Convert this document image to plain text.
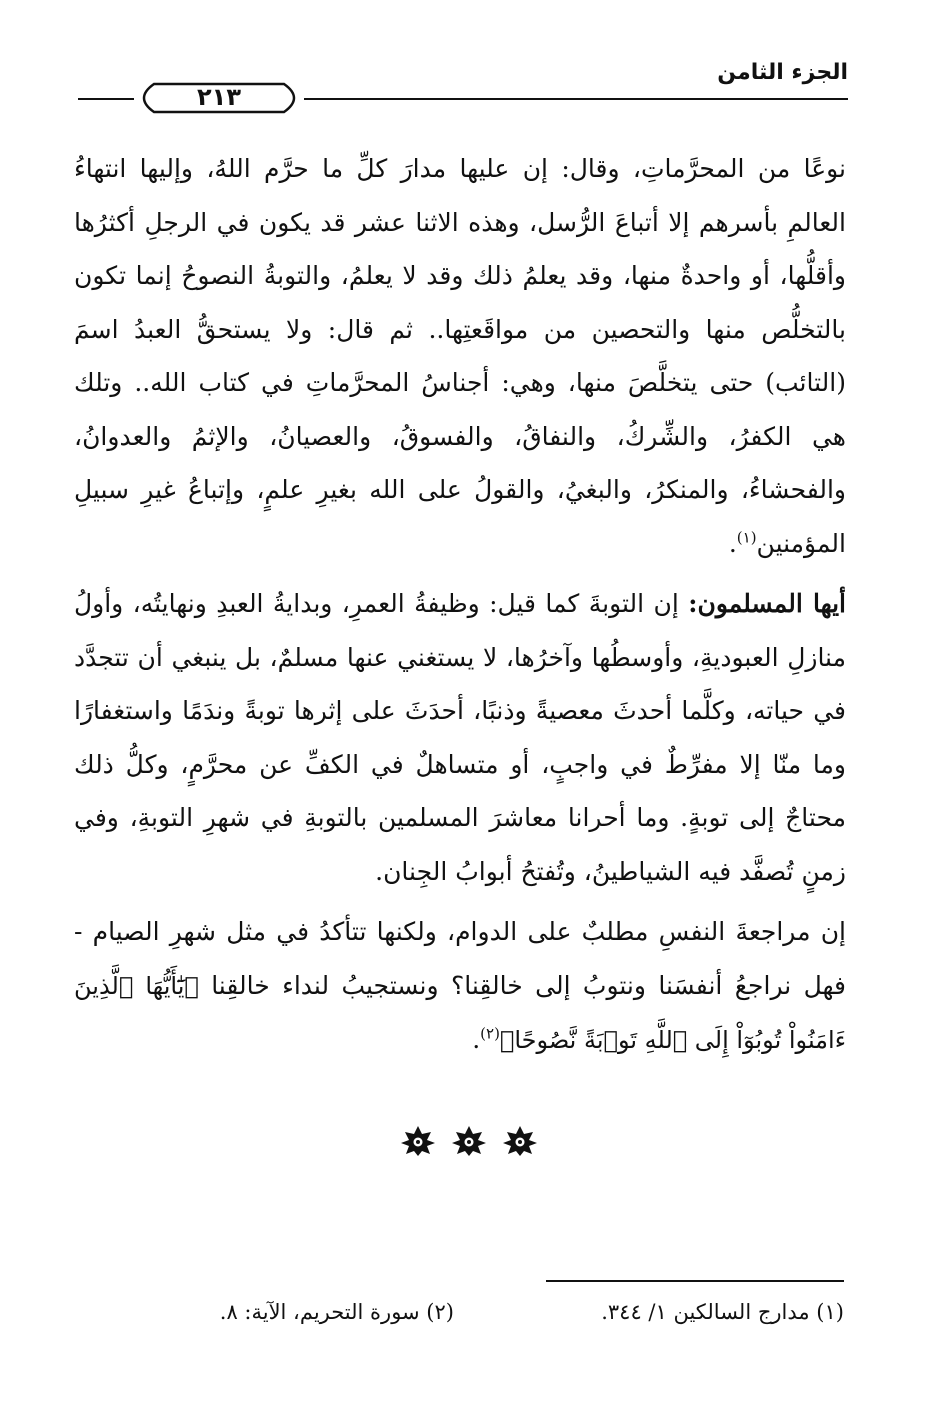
الجزء الثامن
٢١٣

نوعًا من المحرَّماتِ، وقال: إن عليها مدارَ كلِّ ما حرَّم اللهُ، وإليها انتهاءُ العالمِ بأسرهم إلا أتباعَ الرُّسل، وهذه الاثنا عشر قد يكون في الرجلِ أكثرُها وأقلُّها، أو واحدةٌ منها، وقد يعلمُ ذلك وقد لا يعلمُ، والتوبةُ النصوحُ إنما تكون بالتخلُّص منها والتحصين من مواقَعتِها.. ثم قال: ولا يستحقُّ العبدُ اسمَ (التائب) حتى يتخلَّصَ منها، وهي: أجناسُ المحرَّماتِ في كتاب الله.. وتلك هي الكفرُ، والشِّركُ، والنفاقُ، والفسوقُ، والعصيانُ، والإثمُ والعدوانُ، والفحشاءُ، والمنكرُ، والبغيُ، والقولُ على الله بغيرِ علمٍ، وإتباعُ غيرِ سبيلِ المؤمنين$^{(١)}$.

أيها المسلمون: إن التوبةَ كما قيل: وظيفةُ العمرِ، وبدايةُ العبدِ ونهايتُه، وأولُ منازلِ العبوديةِ، وأوسطُها وآخرُها، لا يستغني عنها مسلمٌ، بل ينبغي أن تتجدَّد في حياته، وكلَّما أحدثَ معصيةً وذنبًا، أحدَثَ على إثرها توبةً وندَمًا واستغفارًا وما منّا إلا مفرِّطٌ في واجبٍ، أو متساهلٌ في الكفِّ عن محرَّمٍ، وكلُّ ذلك محتاجٌ إلى توبةٍ. وما أحرانا معاشرَ المسلمين بالتوبةِ في شهرِ التوبةِ، وفي زمنٍ تُصفَّد فيه الشياطينُ، وتُفتحُ أبوابُ الجِنان.

إن مراجعةَ النفسِ مطلبٌ على الدوام، ولكنها تتأكدُ في مثل شهرِ الصيام - فهل نراجعُ أنفسَنا ونتوبُ إلى خالقِنا؟ ونستجيبُ لنداء خالقِنا ﴿يَٰٓأَيُّهَا ٱلَّذِينَ ءَامَنُواْ تُوبُوٓاْ إِلَى ٱللَّهِ تَوۡبَةً نَّصُوحًا﴾$^{(٢)}$.

(١) مدارج السالكين ١/ ٣٤٤.
(٢) سورة التحريم، الآية: ٨.
